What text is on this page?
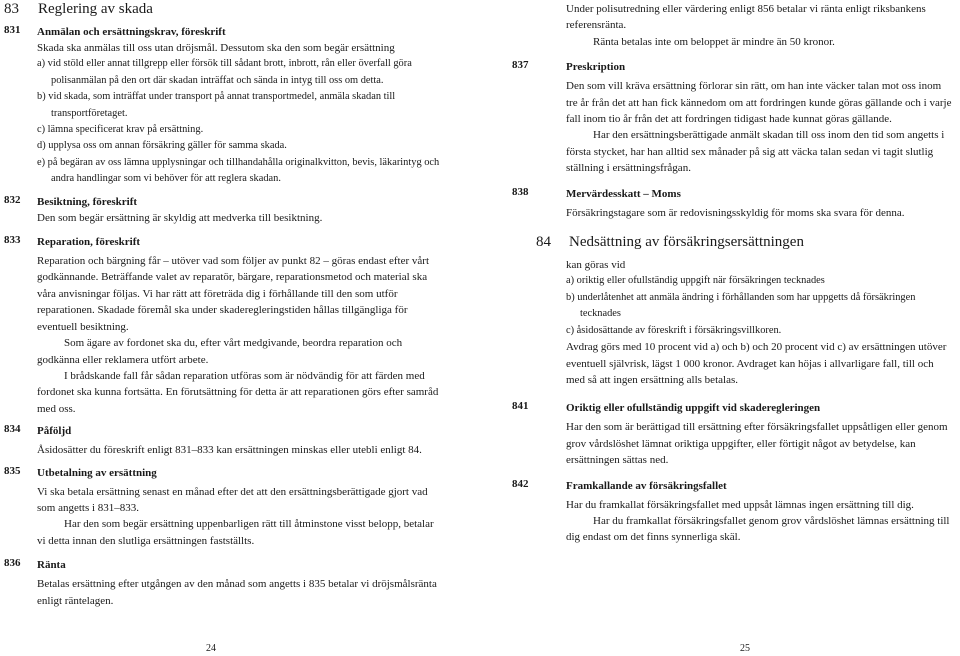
83 Reglering av skada
831 Anmälan och ersättningskrav, föreskrift

Skada ska anmälas till oss utan dröjsmål. Dessutom ska den som begär ersättning

a) vid stöld eller annat tillgrepp eller försök till sådant brott, inbrott, rån eller överfall göra polisanmälan på den ort där skadan inträffat och sända in intyg till oss om detta.

b) vid skada, som inträffat under transport på annat transportmedel, anmäla skadan till transportföretaget.

c) lämna specificerat krav på ersättning.

d) upplysa oss om annan försäkring gäller för samma skada.

e) på begäran av oss lämna upplysningar och tillhandahålla originalkvitton, bevis, läkarintyg och andra handlingar som vi behöver för att reglera skadan.

832 Besiktning, föreskrift

Den som begär ersättning är skyldig att medverka till besiktning.

833 Reparation, föreskrift

Reparation och bärgning får – utöver vad som följer av punkt 82 – göras endast efter vårt godkännande. Beträffande valet av reparatör, bärgare, reparationsmetod och material ska våra anvisningar följas. Vi har rätt att företräda dig i förhållande till den som utför reparationen. Skadade föremål ska under skaderegleringstiden hållas tillgängliga för eventuell besiktning.

Som ägare av fordonet ska du, efter vårt medgivande, beordra reparation och godkänna eller reklamera utfört arbete.

I brådskande fall får sådan reparation utföras som är nödvändig för att färden med fordonet ska kunna fortsätta. En förutsättning för detta är att reparationen görs efter samråd med oss.

834 Påföljd

Åsidosätter du föreskrift enligt 831–833 kan ersättningen minskas eller utebli enligt 84.

835 Utbetalning av ersättning

Vi ska betala ersättning senast en månad efter det att den ersättningsberättigade gjort vad som angetts i 831–833.

Har den som begär ersättning uppenbarligen rätt till åtminstone visst belopp, betalar vi detta innan den slutliga ersättningen fastställts.

836 Ränta

Betalas ersättning efter utgången av den månad som angetts i 835 betalar vi dröjsmålsränta enligt räntelagen.

24

Under polisutredning eller värdering enligt 856 betalar vi ränta enligt riksbankens referensränta.

Ränta betalas inte om beloppet är mindre än 50 kronor.

837	Preskription

Den som vill kräva ersättning förlorar sin rätt, om han inte väcker talan mot oss inom tre år från det att han fick kännedom om att fordringen kunde göras gällande och i varje fall inom tio år från det att fordringen tidigast hade kunnat göras gällande.

Har den ersättningsberättigade anmält skadan till oss inom den tid som angetts i första stycket, har han alltid sex månader på sig att väcka talan sedan vi tagit slutlig ställning i ersättningsfrågan.

838	Mervärdesskatt – Moms

Försäkringstagare som är redovisningsskyldig för moms ska svara för denna.

84 Nedsättning av försäkringsersättningen

kan göras vid

a) oriktig eller ofullständig uppgift när försäkringen tecknades

b) underlåtenhet att anmäla ändring i förhållanden som har uppgetts då försäkringen tecknades

c) åsidosättande av föreskrift i försäkringsvillkoren.

Avdrag görs med 10 procent vid a) och b) och 20 procent vid c) av ersättningen utöver eventuell självrisk, lägst 1 000 kronor. Avdraget kan höjas i allvarligare fall, till och med så att ingen ersättning alls betalas.

841	Oriktig eller ofullständig uppgift vid skaderegleringen

Har den som är berättigad till ersättning efter försäkringsfallet uppsåtligen eller genom grov vårdslöshet lämnat oriktiga uppgifter, eller förtigit något av betydelse, kan ersättningen sättas ned.

842	Framkallande av försäkringsfallet

Har du framkallat försäkringsfallet med uppsåt lämnas ingen ersättning till dig.

Har du framkallat försäkringsfallet genom grov vårdslöshet lämnas ersättning till dig endast om det finns synnerliga skäl.

25
